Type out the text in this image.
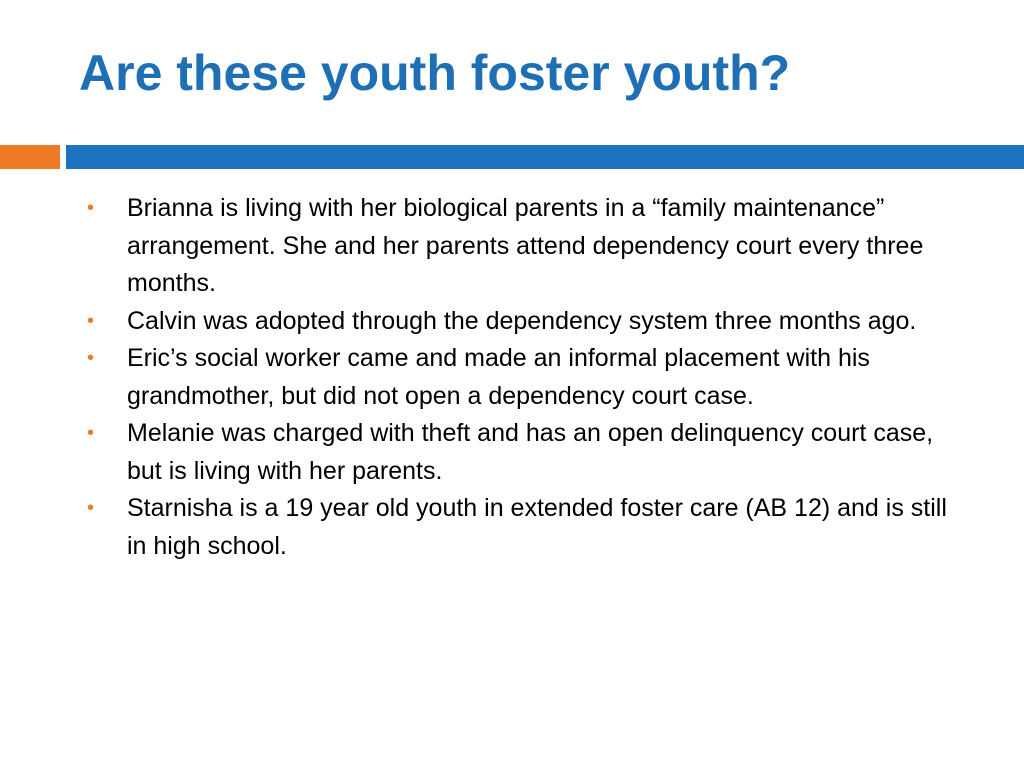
Are these youth foster youth?
• Brianna is living with her biological parents in a “family maintenance” arrangement. She and her parents attend dependency court every three months.
• Calvin was adopted through the dependency system three months ago.
• Eric’s social worker came and made an informal placement with his grandmother, but did not open a dependency court case.
• Melanie was charged with theft and has an open delinquency court case, but is living with her parents.
• Starnisha is a 19 year old youth in extended foster care (AB 12) and is still in high school.
